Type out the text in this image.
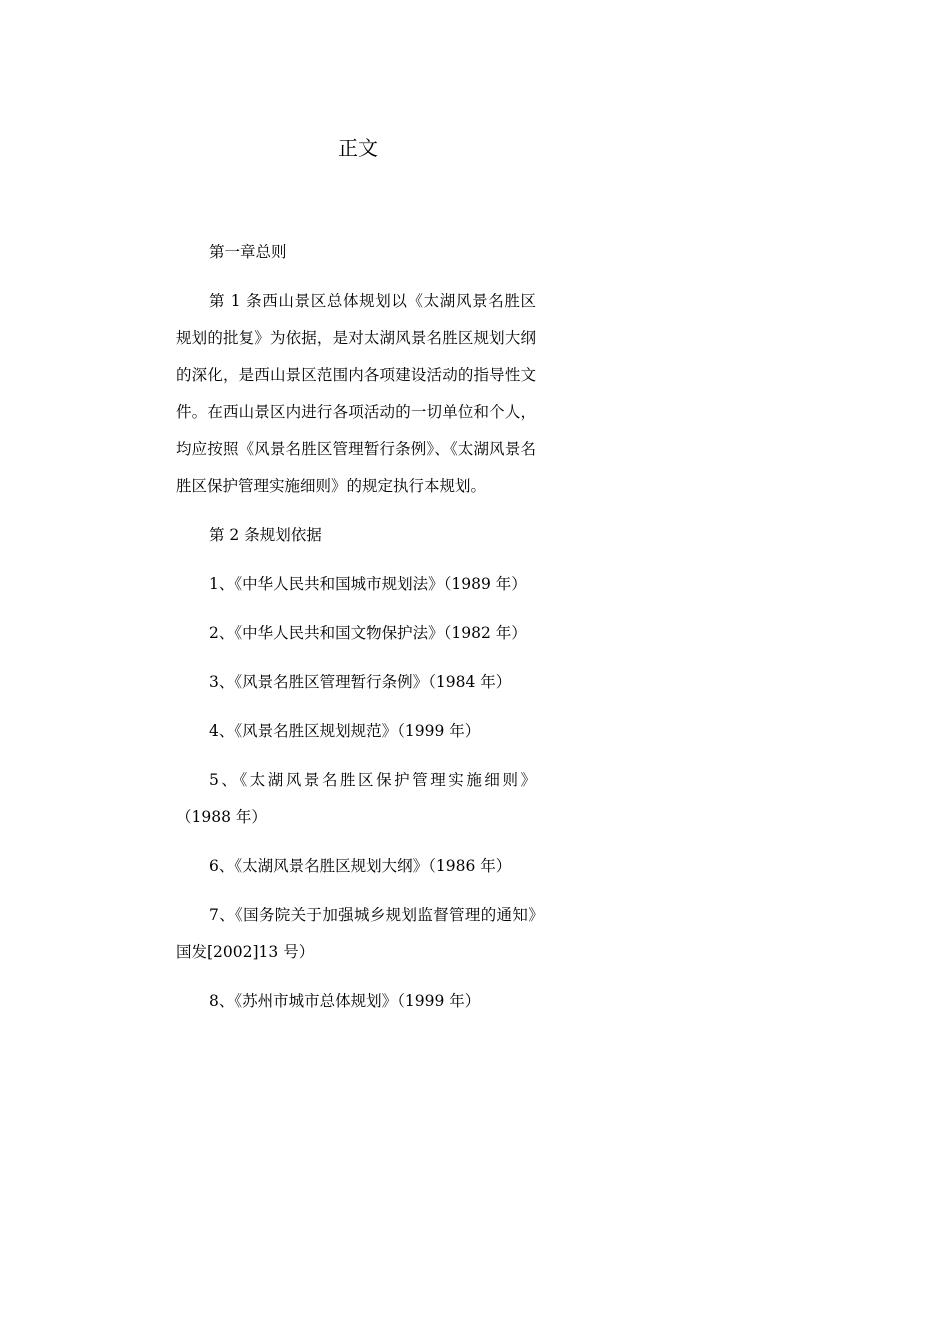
正文

第一章总则

第 1 条西山景区总体规划以《太湖风景名胜区规划的批复》为依据，是对太湖风景名胜区规划大纲的深化，是西山景区范围内各项建设活动的指导性文件。在西山景区内进行各项活动的一切单位和个人，均应按照《风景名胜区管理暂行条例》、《太湖风景名胜区保护管理实施细则》的规定执行本规划。

第 2 条规划依据

1、《中华人民共和国城市规划法》（1989 年）

2、《中华人民共和国文物保护法》（1982 年）

3、《风景名胜区管理暂行条例》（1984 年）

4、《风景名胜区规划规范》（1999 年）

5、《太湖风景名胜区保护管理实施细则》（1988 年）

6、《太湖风景名胜区规划大纲》（1986 年）

7、《国务院关于加强城乡规划监督管理的通知》国发[2002]13 号）

8、《苏州市城市总体规划》（1999 年）
